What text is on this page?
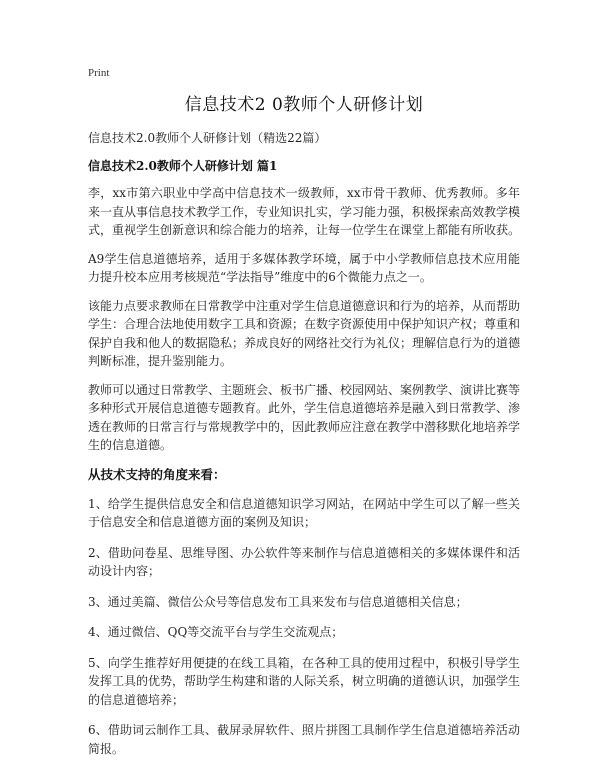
Print
信息技术2 0教师个人研修计划

信息技术2.0教师个人研修计划（精选22篇）

信息技术2.0教师个人研修计划 篇1

李，xx市第六职业中学高中信息技术一级教师，xx市骨干教师、优秀教师。多年来一直从事信息技术教学工作，专业知识扎实，学习能力强，积极探索高效教学模式，重视学生创新意识和综合能力的培养，让每一位学生在课堂上都能有所收获。

A9学生信息道德培养，适用于多媒体教学环境，属于中小学教师信息技术应用能力提升校本应用考核规范“学法指导”维度中的6个微能力点之一。

该能力点要求教师在日常教学中注重对学生信息道德意识和行为的培养，从而帮助学生：合理合法地使用数字工具和资源；在数字资源使用中保护知识产权；尊重和保护自我和他人的数据隐私；养成良好的网络社交行为礼仪；理解信息行为的道德判断标准，提升鉴别能力。

教师可以通过日常教学、主题班会、板书广播、校园网站、案例教学、演讲比赛等多种形式开展信息道德专题教育。此外，学生信息道德培养是融入到日常教学、渗透在教师的日常言行与常规教学中的，因此教师应注意在教学中潜移默化地培养学生的信息道德。

从技术支持的角度来看：

1、给学生提供信息安全和信息道德知识学习网站，在网站中学生可以了解一些关于信息安全和信息道德方面的案例及知识；

2、借助问卷星、思维导图、办公软件等来制作与信息道德相关的多媒体课件和活动设计内容；

3、通过美篇、微信公众号等信息发布工具来发布与信息道德相关信息；

4、通过微信、QQ等交流平台与学生交流观点；

5、向学生推荐好用便捷的在线工具箱，在各种工具的使用过程中，积极引导学生发挥工具的优势，帮助学生构建和谐的人际关系，树立明确的道德认识，加强学生的信息道德培养；

6、借助词云制作工具、截屏录屏软件、照片拼图工具制作学生信息道德培养活动简报。
